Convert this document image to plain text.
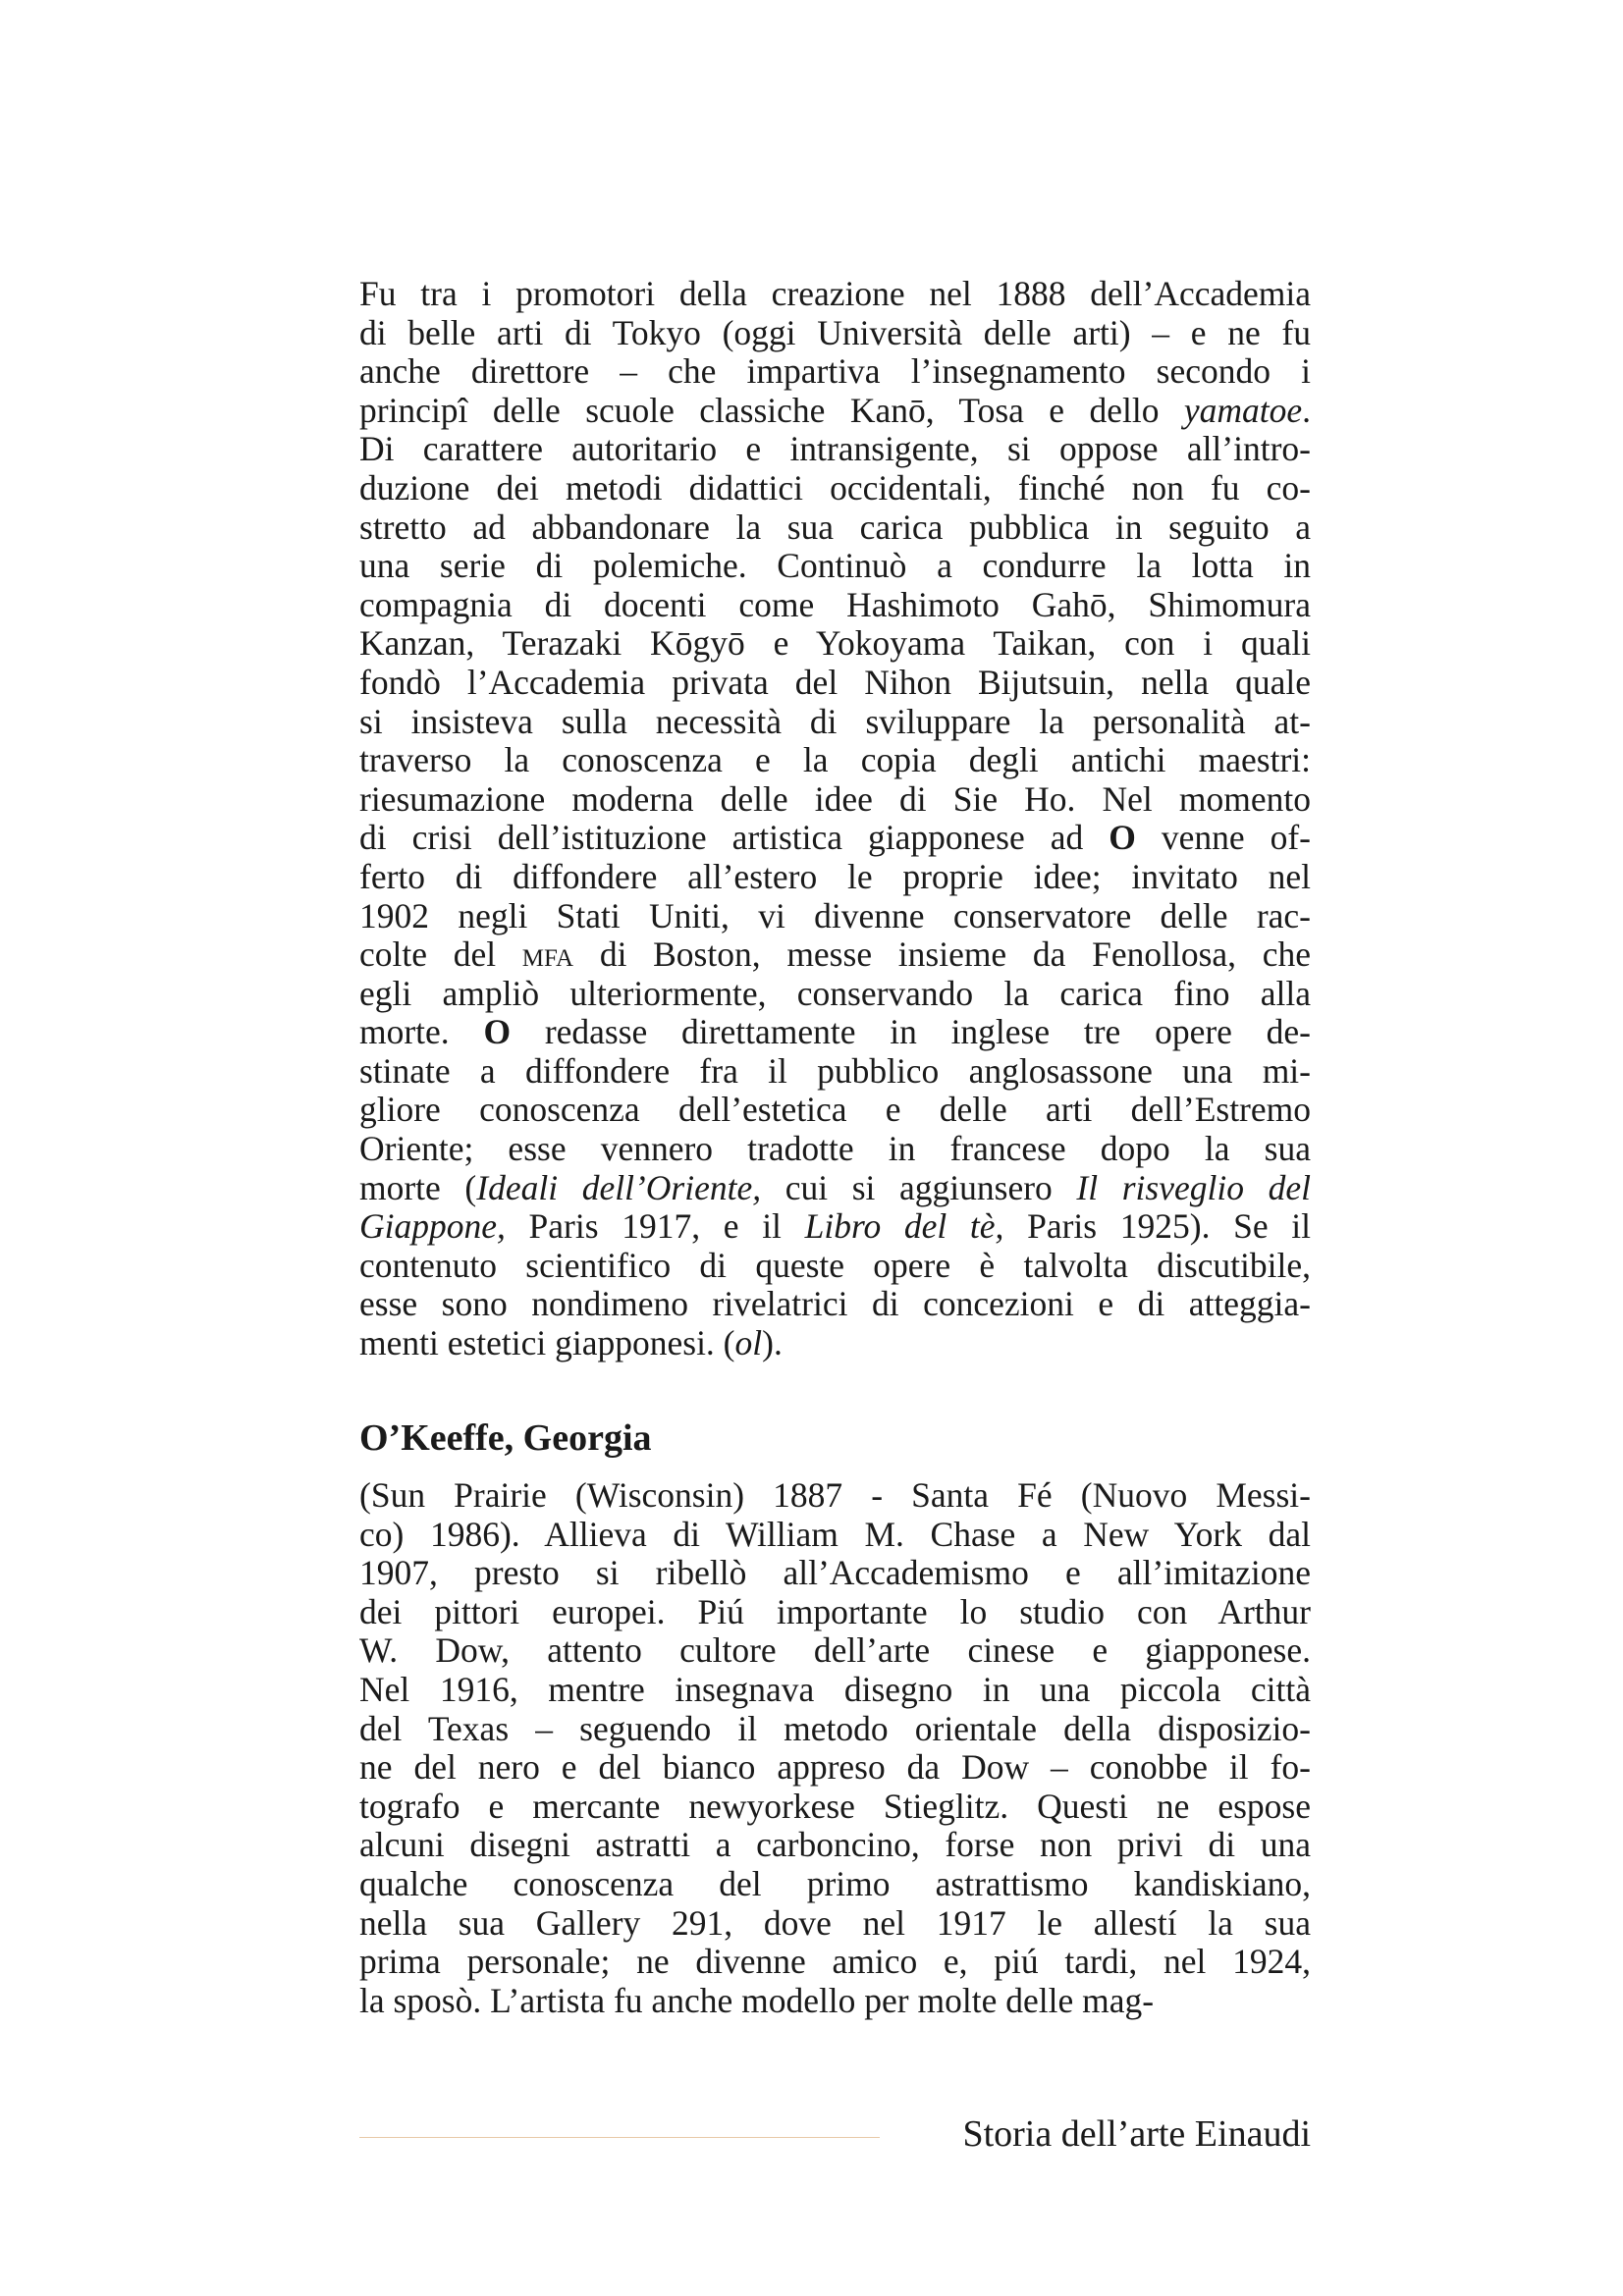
Fu tra i promotori della creazione nel 1888 dell’Accademia
di belle arti di Tokyo (oggi Università delle arti) – e ne fu
anche direttore – che impartiva l’insegnamento secondo i
principî delle scuole classiche Kanō, Tosa e dello yamatoe.
Di carattere autoritario e intransigente, si oppose all’intro-
duzione dei metodi didattici occidentali, finché non fu co-
stretto ad abbandonare la sua carica pubblica in seguito a
una serie di polemiche. Continuò a condurre la lotta in
compagnia di docenti come Hashimoto Gahō, Shimomura
Kanzan, Terazaki Kōgyō e Yokoyama Taikan, con i quali
fondò l’Accademia privata del Nihon Bijutsuin, nella quale
si insisteva sulla necessità di sviluppare la personalità at-
traverso la conoscenza e la copia degli antichi maestri:
riesumazione moderna delle idee di Sie Ho. Nel momento
di crisi dell’istituzione artistica giapponese ad O venne of-
ferto di diffondere all’estero le proprie idee; invitato nel
1902 negli Stati Uniti, vi divenne conservatore delle rac-
colte del mfa di Boston, messe insieme da Fenollosa, che
egli ampliò ulteriormente, conservando la carica fino alla
morte. O redasse direttamente in inglese tre opere de-
stinate a diffondere fra il pubblico anglosassone una mi-
gliore conoscenza dell’estetica e delle arti dell’Estremo
Oriente; esse vennero tradotte in francese dopo la sua
morte (Ideali dell’Oriente, cui si aggiunsero Il risveglio del
Giappone, Paris 1917, e il Libro del tè, Paris 1925). Se il
contenuto scientifico di queste opere è talvolta discutibile,
esse sono nondimeno rivelatrici di concezioni e di atteggia-
menti estetici giapponesi. (ol).
O’Keeffe, Georgia
(Sun Prairie (Wisconsin) 1887 - Santa Fé (Nuovo Messi-
co) 1986). Allieva di William M. Chase a New York dal
1907, presto si ribellò all’Accademismo e all’imitazione
dei pittori europei. Piú importante lo studio con Arthur
W. Dow, attento cultore dell’arte cinese e giapponese.
Nel 1916, mentre insegnava disegno in una piccola città
del Texas – seguendo il metodo orientale della disposizio-
ne del nero e del bianco appreso da Dow – conobbe il fo-
tografo e mercante newyorkese Stieglitz. Questi ne espose
alcuni disegni astratti a carboncino, forse non privi di una
qualche conoscenza del primo astrattismo kandiskiano,
nella sua Gallery 291, dove nel 1917 le allestí la sua
prima personale; ne divenne amico e, piú tardi, nel 1924,
la sposò. L’artista fu anche modello per molte delle mag-
Storia dell’arte Einaudi
